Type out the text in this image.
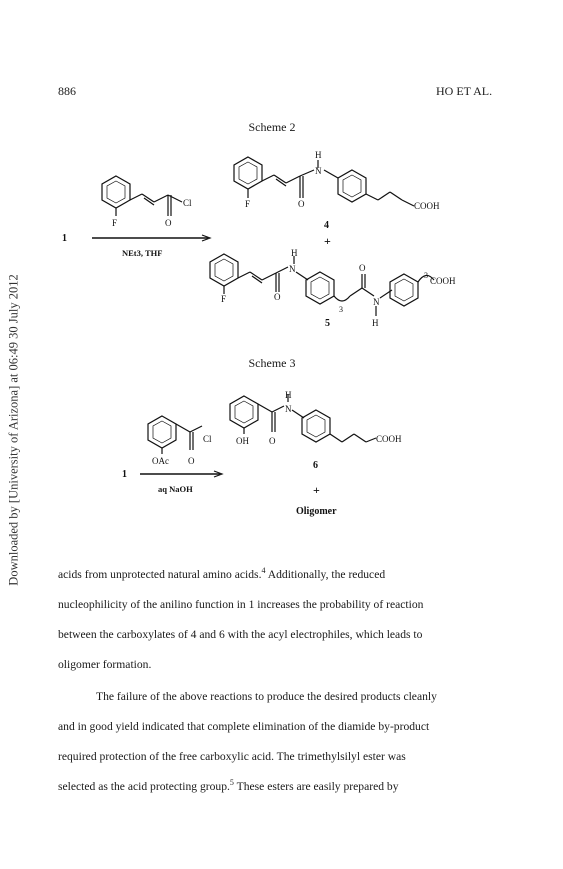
886	HO ET AL.
Downloaded by [University of Arizona] at 06:49 30 July 2012
Scheme 2
Cl
O
F
1
NEt3, THF
H
N
O
F	COOH
4
+
H
N
O
F
3
O
N
H
3
COOH
5
Scheme 3
Cl
OAc O
1
aq NaOH
H
N
OH O	COOH
6
+
Oligomer
acids from unprotected natural amino acids.$^4$ Additionally, the reduced
nucleophilicity of the anilino function in 1 increases the probability of reaction
between the carboxylates of 4 and 6 with the acyl electrophiles, which leads to
oligomer formation.
The failure of the above reactions to produce the desired products cleanly
and in good yield indicated that complete elimination of the diamide by-product
required protection of the free carboxylic acid. The trimethylsilyl ester was
selected as the acid protecting group.$^5$ These esters are easily prepared by
